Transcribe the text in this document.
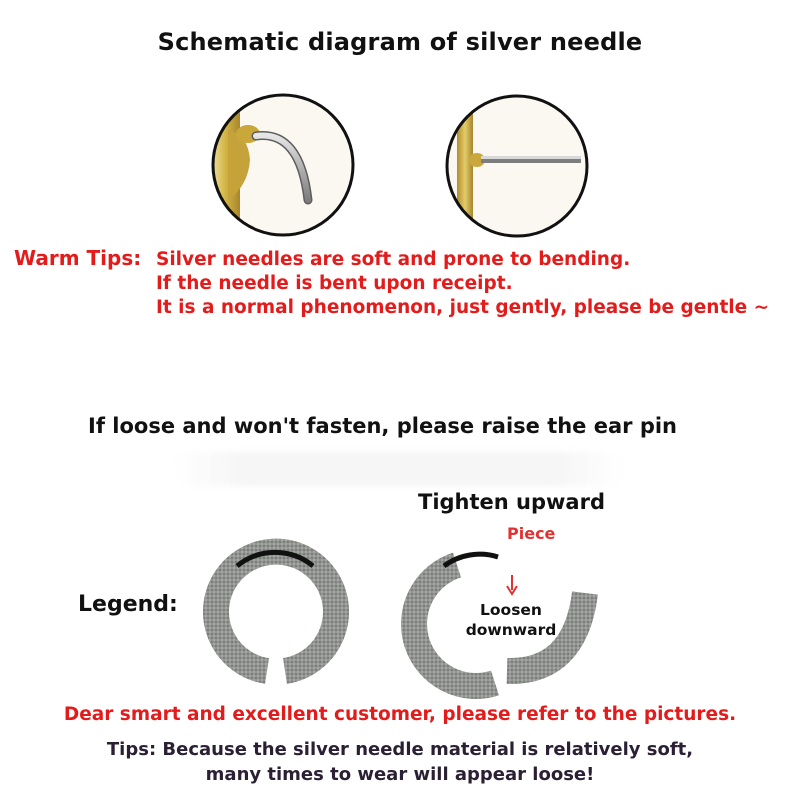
Schematic diagram of silver needle
Warm Tips: Silver needles are soft and prone to bending.
If the needle is bent upon receipt.
It is a normal phenomenon, just gently, please be gentle ~
If loose and won't fasten, please raise the ear pin
Tighten upward
Piece
Legend:	Loosen
downward
Dear smart and excellent customer, please refer to the pictures.
Tips: Because the silver needle material is relatively soft,
many times to wear will appear loose!
